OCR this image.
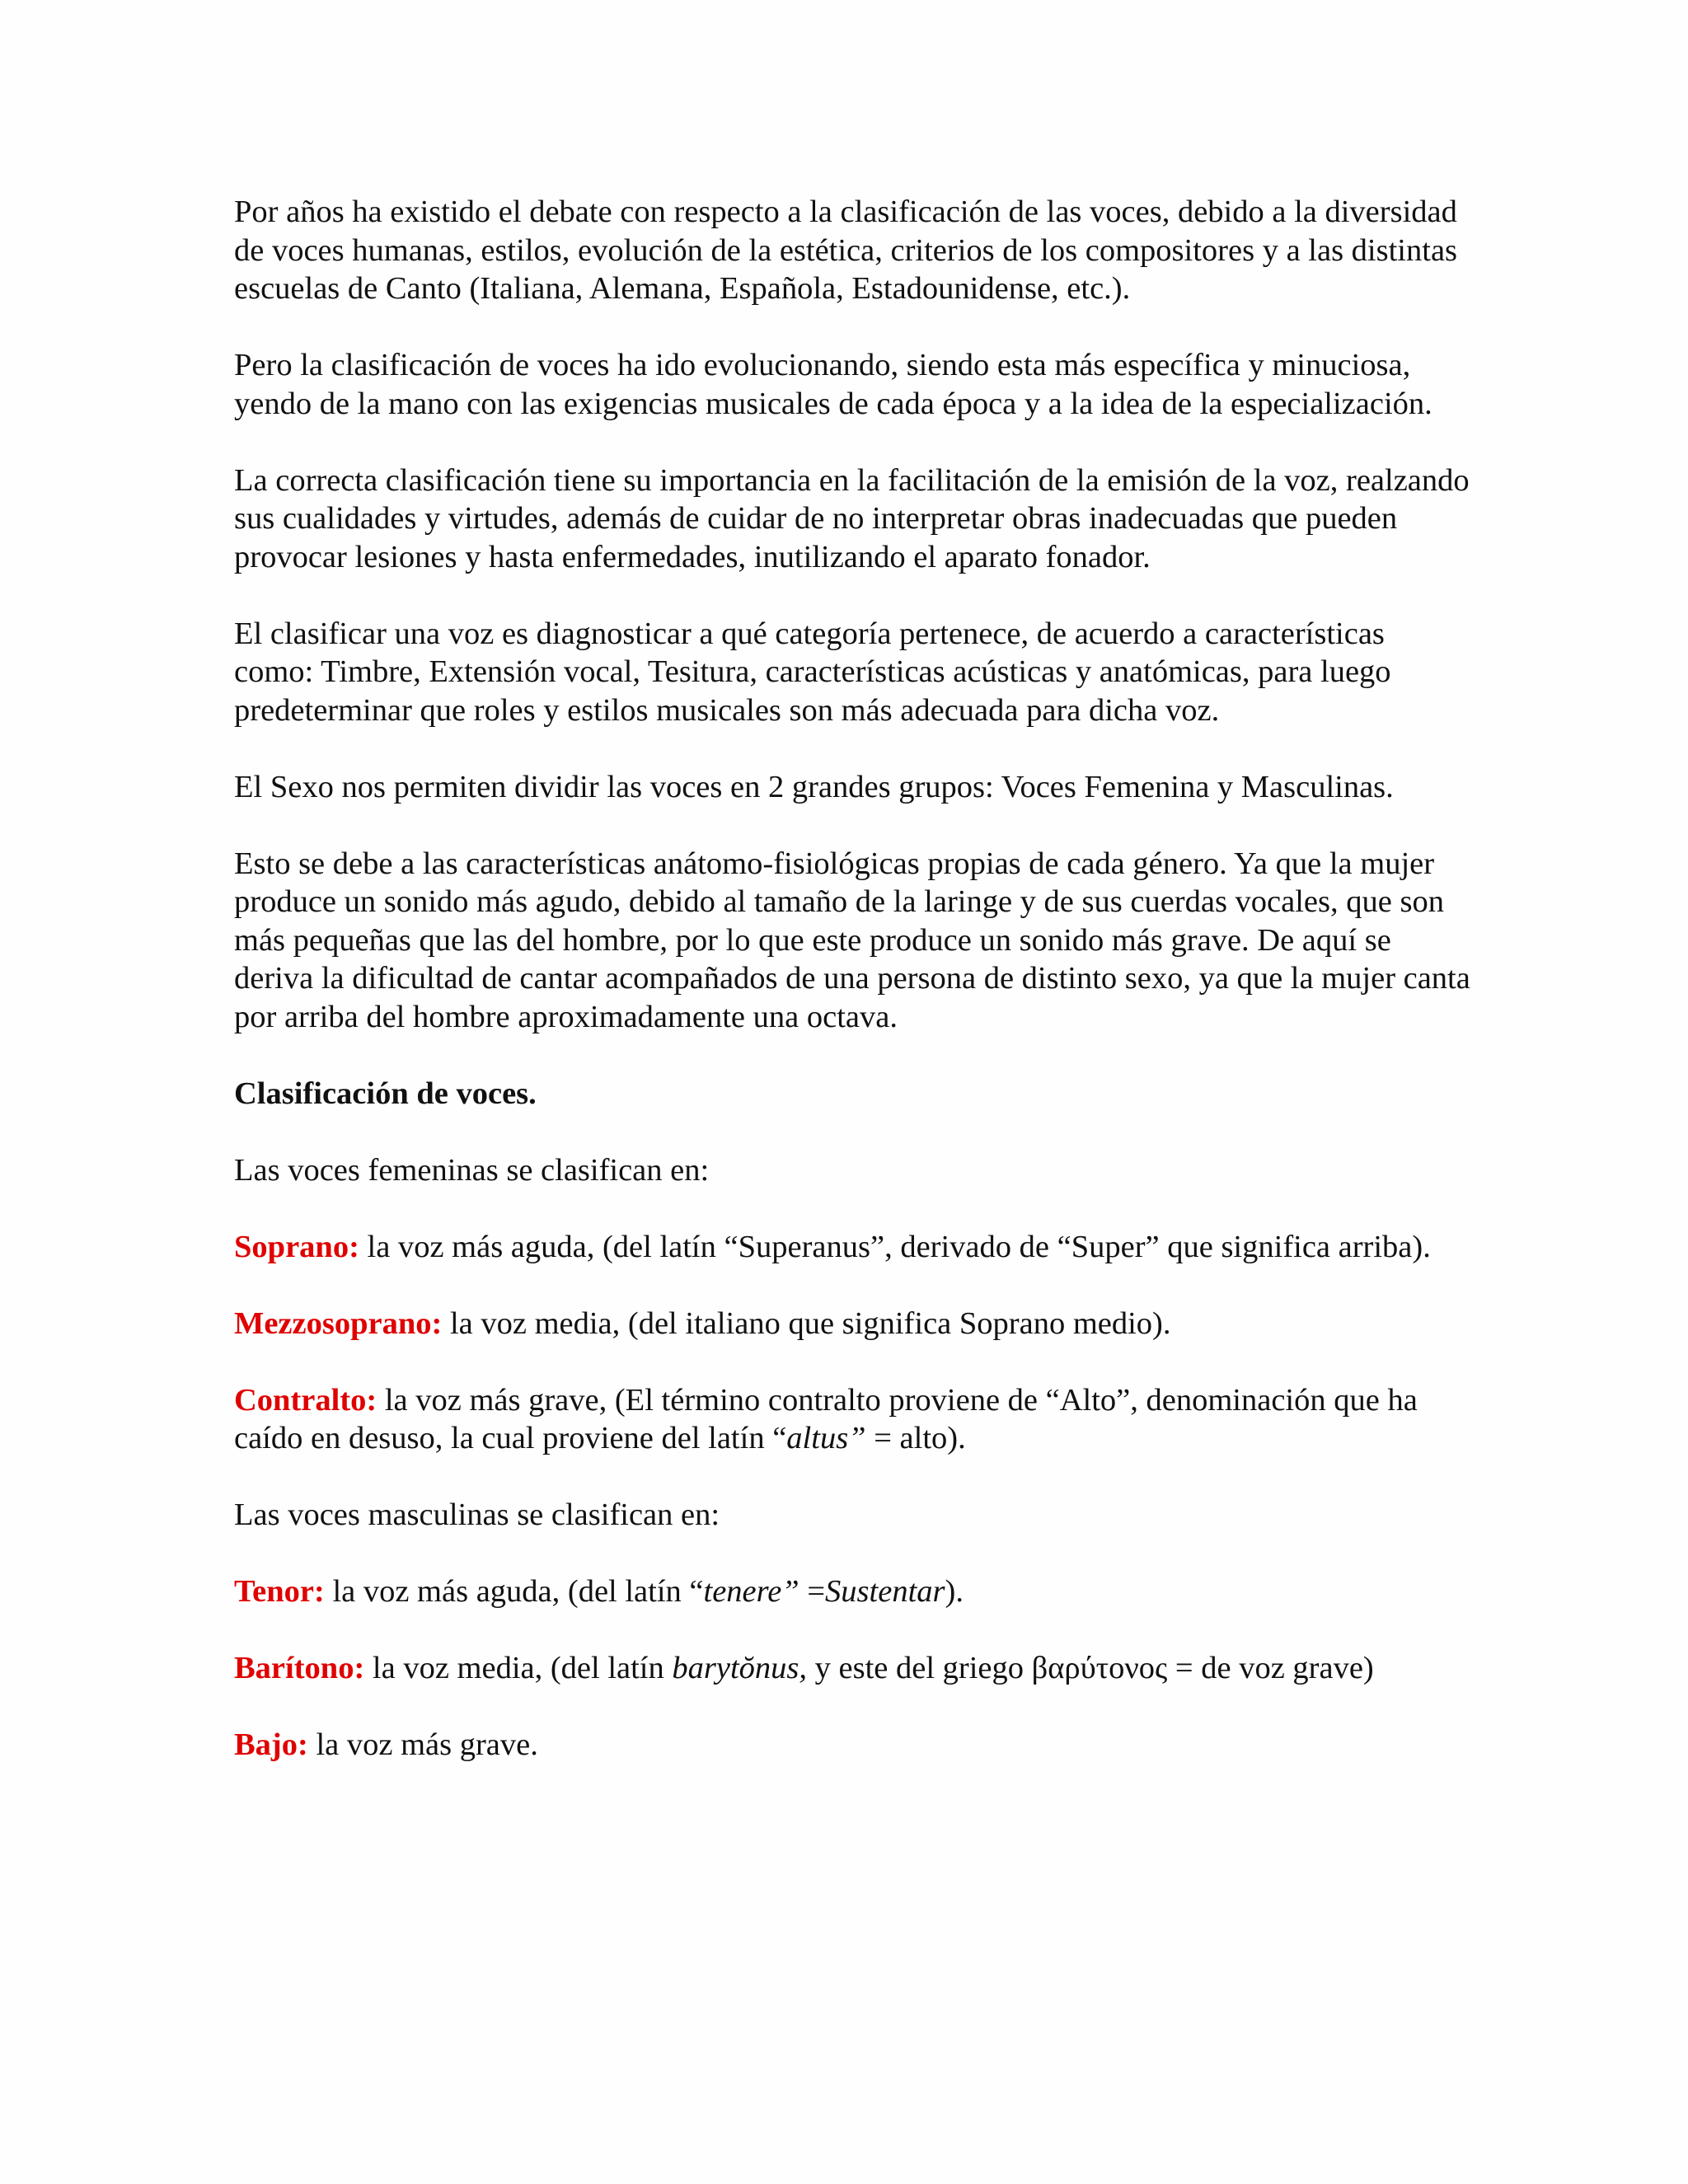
Por años ha existido el debate con respecto a la clasificación de las voces, debido a la diversidad de voces humanas, estilos, evolución de la estética, criterios de los compositores y a las distintas escuelas de Canto (Italiana, Alemana, Española, Estadounidense, etc.).

Pero la clasificación de voces ha ido evolucionando, siendo esta más específica y minuciosa, yendo de la mano con las exigencias musicales de cada época y a la idea de la especialización.

La correcta clasificación tiene su importancia en la facilitación de la emisión de la voz, realzando sus cualidades y virtudes, además de cuidar de no interpretar obras inadecuadas que pueden provocar lesiones y hasta enfermedades, inutilizando el aparato fonador.

El clasificar una voz es diagnosticar a qué categoría pertenece, de acuerdo a características como: Timbre, Extensión vocal, Tesitura, características acústicas y anatómicas, para luego predeterminar que roles y estilos musicales son más adecuada para dicha voz.

El Sexo nos permiten dividir las voces en 2 grandes grupos: Voces Femenina y Masculinas.

Esto se debe a las características anátomo-fisiológicas propias de cada género. Ya que la mujer produce un sonido más agudo, debido al tamaño de la laringe y de sus cuerdas vocales, que son más pequeñas que las del hombre, por lo que este produce un sonido más grave. De aquí se deriva la dificultad de cantar acompañados de una persona de distinto sexo, ya que la mujer canta por arriba del hombre aproximadamente una octava.

Clasificación de voces.

Las voces femeninas se clasifican en:

Soprano: la voz más aguda, (del latín “Superanus”, derivado de “Super” que significa arriba).

Mezzosoprano: la voz media, (del italiano que significa Soprano medio).

Contralto: la voz más grave, (El término contralto proviene de “Alto”, denominación que ha caído en desuso, la cual proviene del latín “altus” = alto).

Las voces masculinas se clasifican en:

Tenor: la voz más aguda, (del latín “tenere” =Sustentar).

Barítono: la voz media, (del latín barytŏnus, y este del griego βαρύτονος = de voz grave)

Bajo: la voz más grave.
